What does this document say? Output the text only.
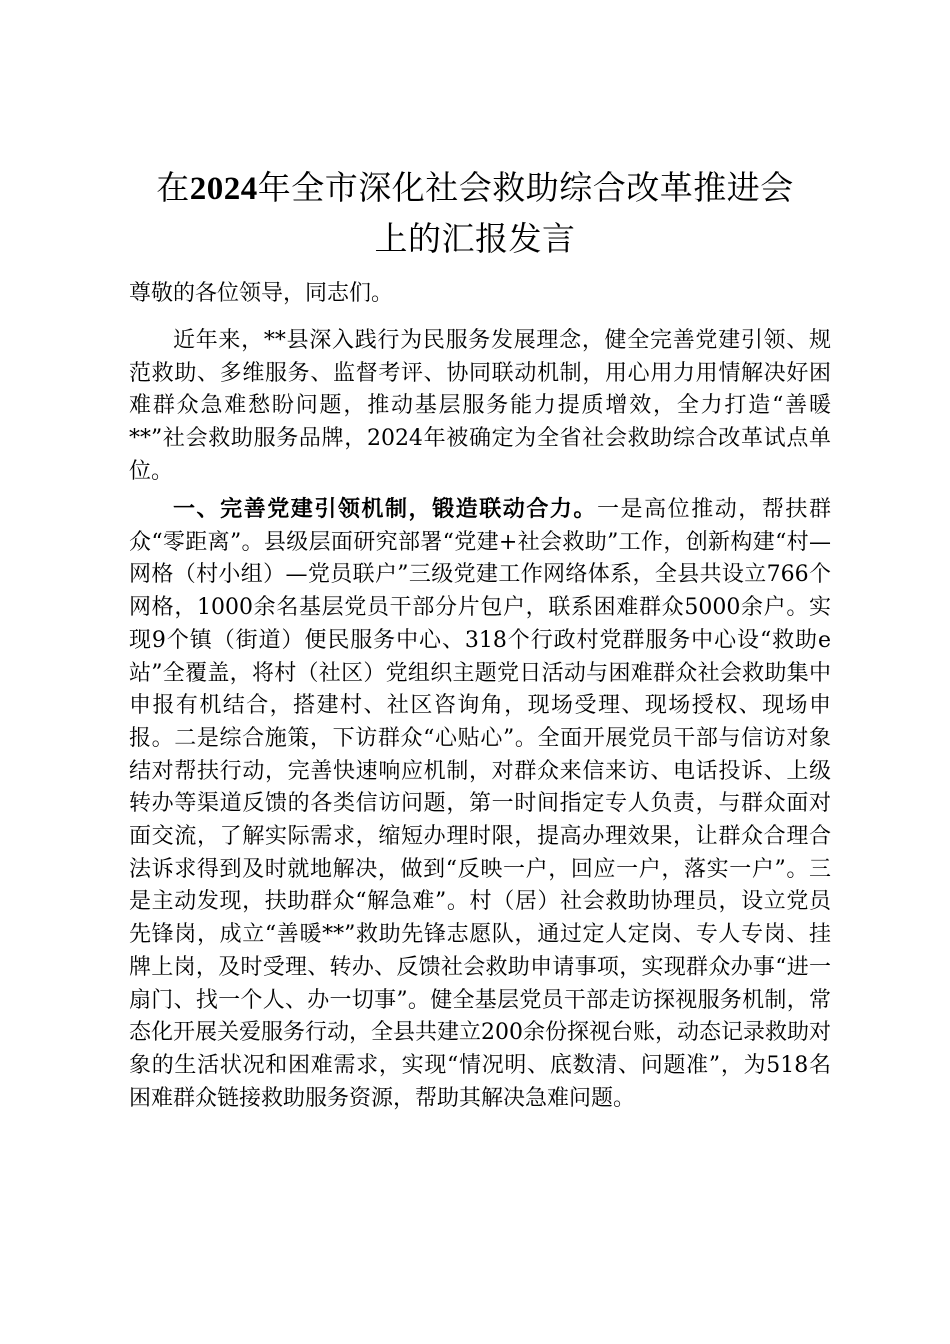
在2024年全市深化社会救助综合改革推进会
上的汇报发言

尊敬的各位领导，同志们。

近年来，**县深入践行为民服务发展理念，健全完善党建引领、规范救助、多维服务、监督考评、协同联动机制，用心用力用情解决好困难群众急难愁盼问题，推动基层服务能力提质增效，全力打造“善暖**”社会救助服务品牌，2024年被确定为全省社会救助综合改革试点单位。

一、完善党建引领机制，锻造联动合力。一是高位推动，帮扶群众“零距离”。县级层面研究部署“党建+社会救助”工作，创新构建“村—网格（村小组）—党员联户”三级党建工作网络体系，全县共设立766个网格，1000余名基层党员干部分片包户，联系困难群众5000余户。实现9个镇（街道）便民服务中心、318个行政村党群服务中心设“救助e站”全覆盖，将村（社区）党组织主题党日活动与困难群众社会救助集中申报有机结合，搭建村、社区咨询角，现场受理、现场授权、现场申报。二是综合施策，下访群众“心贴心”。全面开展党员干部与信访对象结对帮扶行动，完善快速响应机制，对群众来信来访、电话投诉、上级转办等渠道反馈的各类信访问题，第一时间指定专人负责，与群众面对面交流，了解实际需求，缩短办理时限，提高办理效果，让群众合理合法诉求得到及时就地解决，做到“反映一户，回应一户，落实一户”。三是主动发现，扶助群众“解急难”。村（居）社会救助协理员，设立党员先锋岗，成立“善暖**”救助先锋志愿队，通过定人定岗、专人专岗、挂牌上岗，及时受理、转办、反馈社会救助申请事项，实现群众办事“进一扇门、找一个人、办一切事”。健全基层党员干部走访探视服务机制，常态化开展关爱服务行动，全县共建立200余份探视台账，动态记录救助对象的生活状况和困难需求，实现“情况明、底数清、问题准”，为518名困难群众链接救助服务资源，帮助其解决急难问题。
